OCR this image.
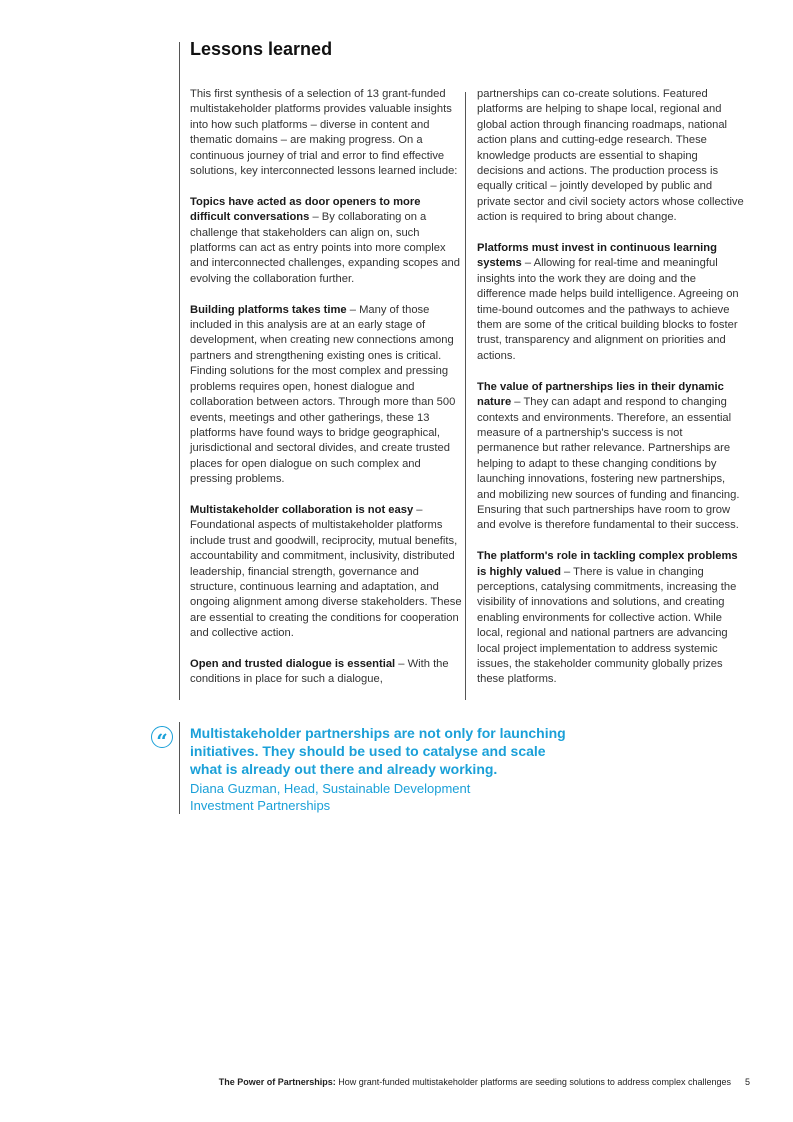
Lessons learned

This first synthesis of a selection of 13 grant-funded multistakeholder platforms provides valuable insights into how such platforms – diverse in content and thematic domains – are making progress. On a continuous journey of trial and error to find effective solutions, key interconnected lessons learned include:

Topics have acted as door openers to more difficult conversations – By collaborating on a challenge that stakeholders can align on, such platforms can act as entry points into more complex and interconnected challenges, expanding scopes and evolving the collaboration further.

Building platforms takes time – Many of those included in this analysis are at an early stage of development, when creating new connections among partners and strengthening existing ones is critical. Finding solutions for the most complex and pressing problems requires open, honest dialogue and collaboration between actors. Through more than 500 events, meetings and other gatherings, these 13 platforms have found ways to bridge geographical, jurisdictional and sectoral divides, and create trusted places for open dialogue on such complex and pressing problems.

Multistakeholder collaboration is not easy – Foundational aspects of multistakeholder platforms include trust and goodwill, reciprocity, mutual benefits, accountability and commitment, inclusivity, distributed leadership, financial strength, governance and structure, continuous learning and adaptation, and ongoing alignment among diverse stakeholders. These are essential to creating the conditions for cooperation and collective action.

Open and trusted dialogue is essential – With the conditions in place for such a dialogue,

partnerships can co-create solutions. Featured platforms are helping to shape local, regional and global action through financing roadmaps, national action plans and cutting-edge research. These knowledge products are essential to shaping decisions and actions. The production process is equally critical – jointly developed by public and private sector and civil society actors whose collective action is required to bring about change.

Platforms must invest in continuous learning systems – Allowing for real-time and meaningful insights into the work they are doing and the difference made helps build intelligence. Agreeing on time-bound outcomes and the pathways to achieve them are some of the critical building blocks to foster trust, transparency and alignment on priorities and actions.

The value of partnerships lies in their dynamic nature – They can adapt and respond to changing contexts and environments. Therefore, an essential measure of a partnership's success is not permanence but rather relevance. Partnerships are helping to adapt to these changing conditions by launching innovations, fostering new partnerships, and mobilizing new sources of funding and financing. Ensuring that such partnerships have room to grow and evolve is therefore fundamental to their success.

The platform's role in tackling complex problems is highly valued – There is value in changing perceptions, catalysing commitments, increasing the visibility of innovations and solutions, and creating enabling environments for collective action. While local, regional and national partners are advancing local project implementation to address systemic issues, the stakeholder community globally prizes these platforms.

“	Multistakeholder partnerships are not only for launching initiatives. They should be used to catalyse and scale what is already out there and already working.

Diana Guzman, Head, Sustainable Development Investment Partnerships

The Power of Partnerships: How grant-funded multistakeholder platforms are seeding solutions to address complex challenges 5
